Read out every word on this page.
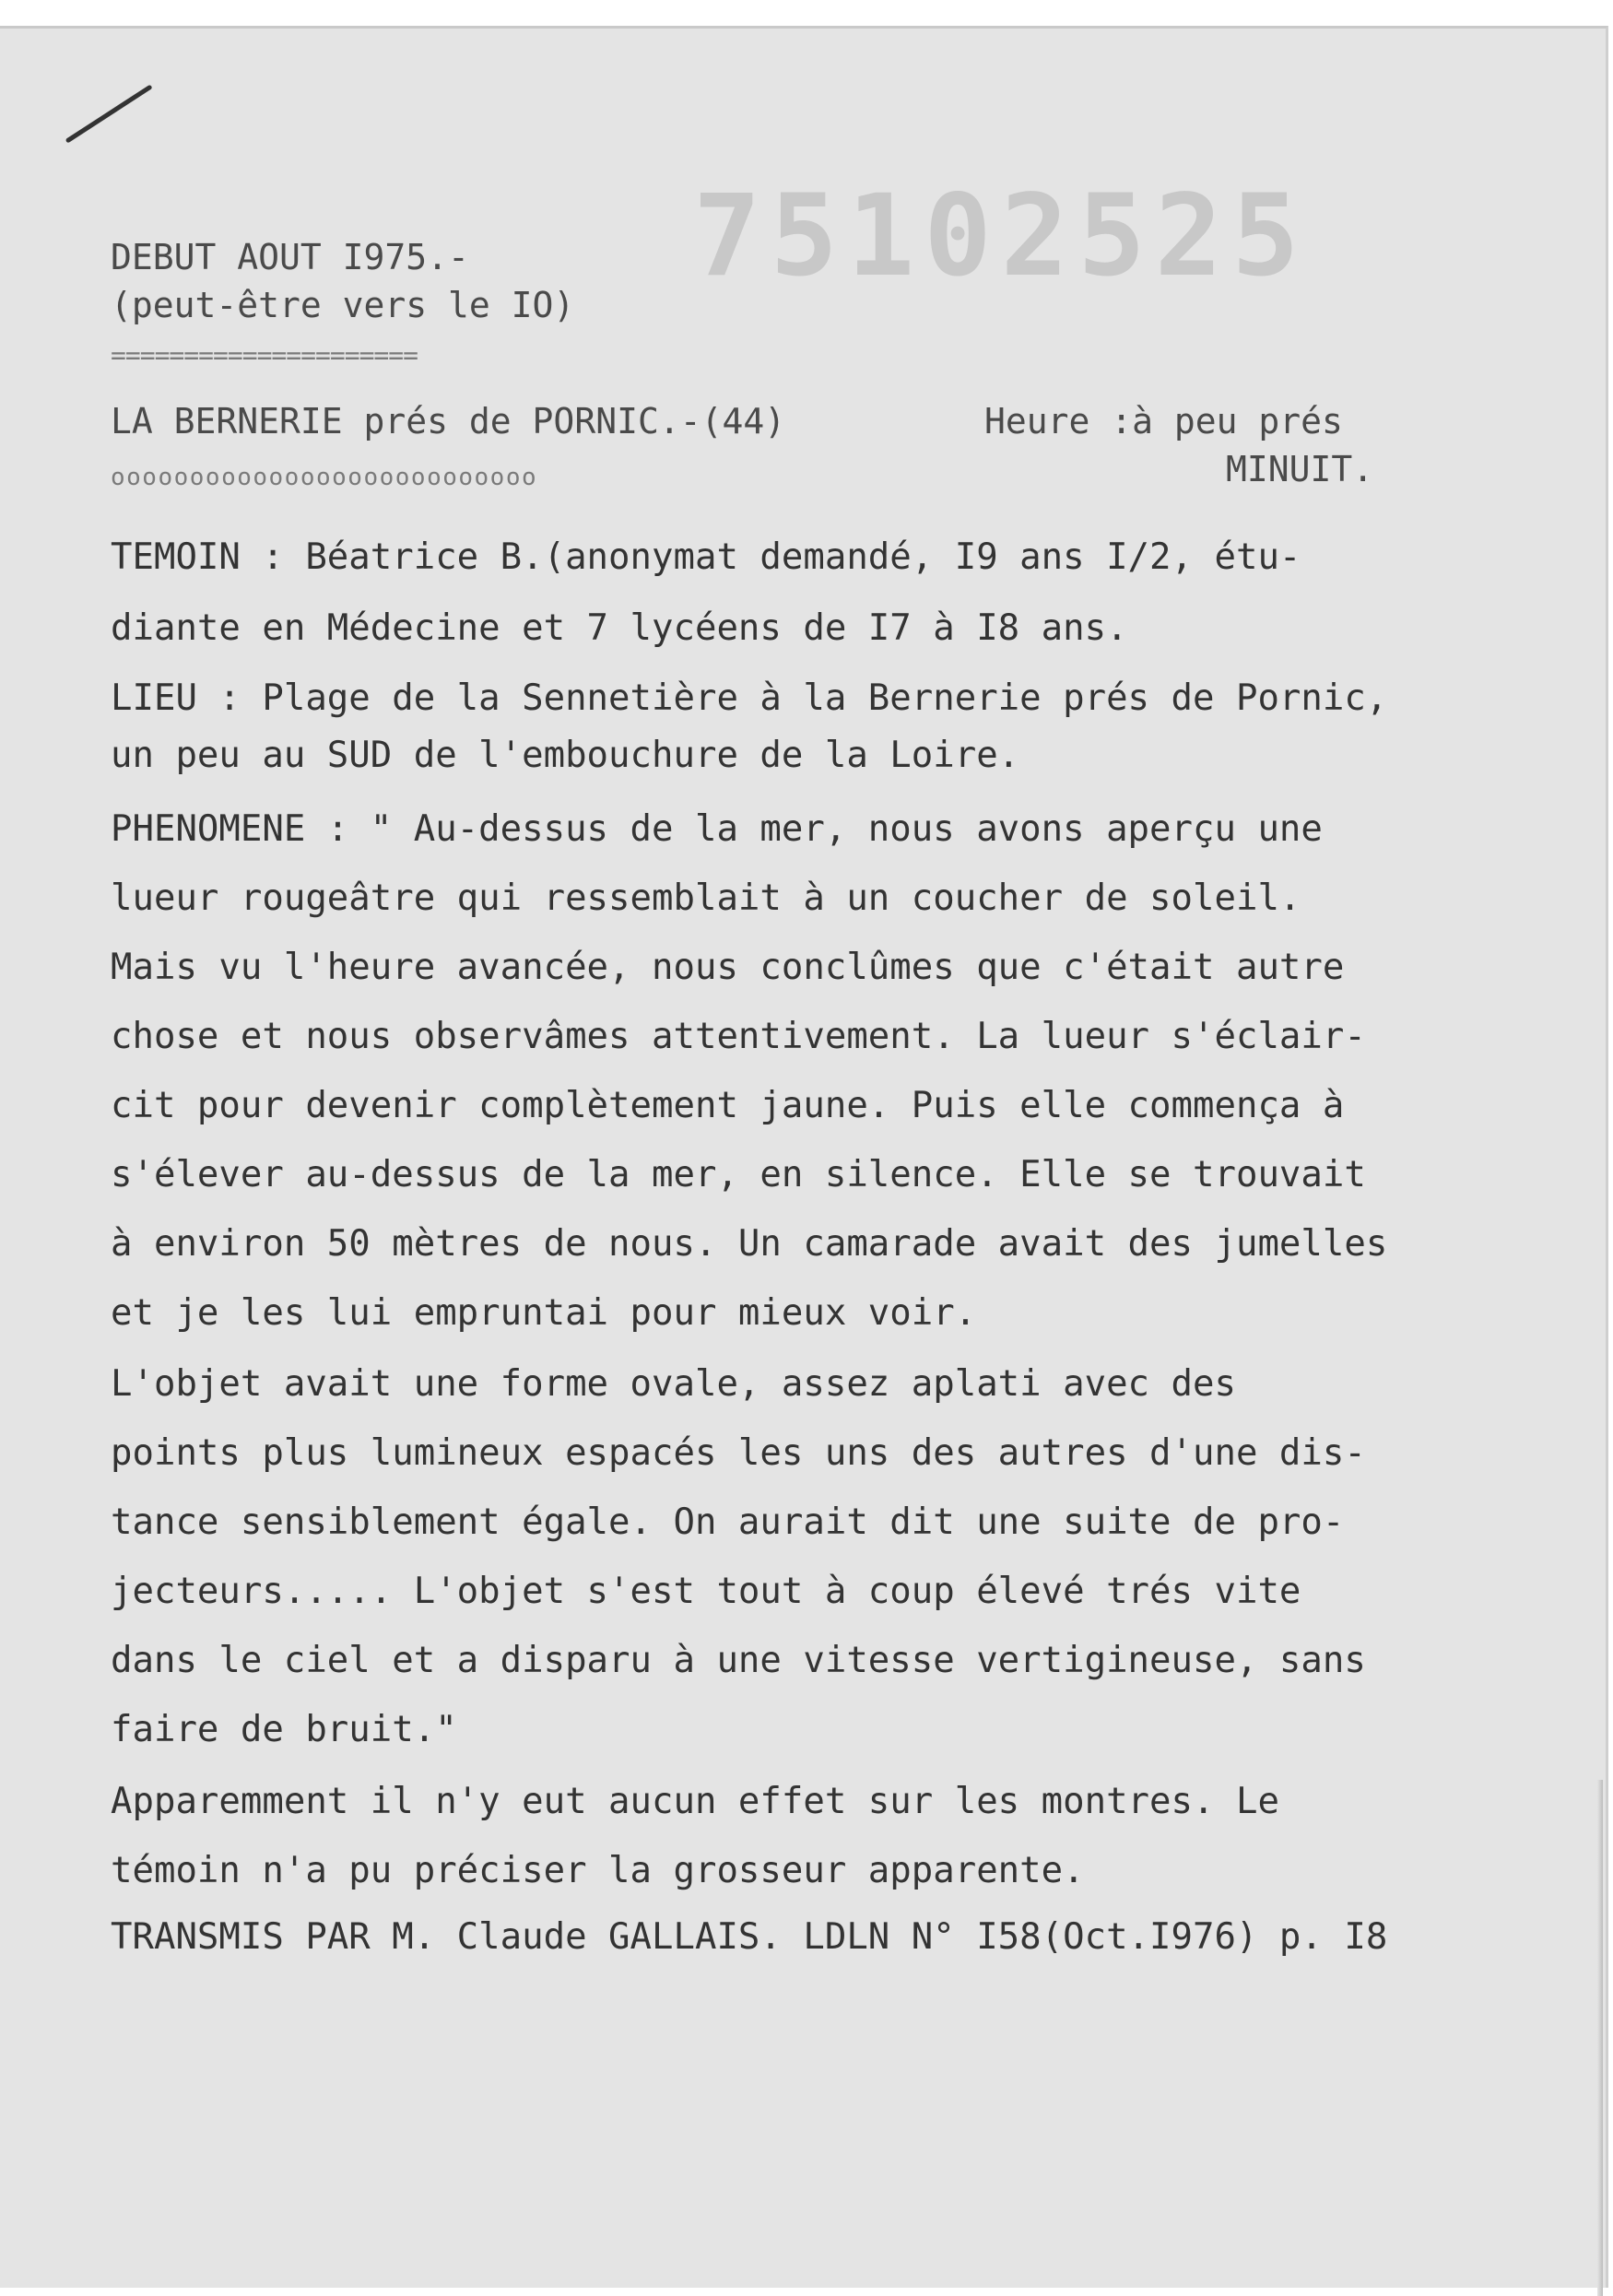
75102525
DEBUT AOUT I975.-
(peut-être vers le IO)
=====================
LA BERNERIE prés de PORNIC.-(44)	Heure :à peu prés
MINUIT.
ooooooooooooooooooooooooooo
TEMOIN : Béatrice B.(anonymat demandé, I9 ans I/2, étu-
diante en Médecine et 7 lycéens de I7 à I8 ans.
LIEU : Plage de la Sennetière à la Bernerie prés de Pornic,
un peu au SUD de l'embouchure de la Loire.
PHENOMENE : " Au-dessus de la mer, nous avons aperçu une
lueur rougeâtre qui ressemblait à un coucher de soleil.
Mais vu l'heure avancée, nous conclûmes que c'était autre
chose et nous observâmes attentivement. La lueur s'éclair-
cit pour devenir complètement jaune. Puis elle commença à
s'élever au-dessus de la mer, en silence. Elle se trouvait
à environ 50 mètres de nous. Un camarade avait des jumelles
et je les lui empruntai pour mieux voir.
L'objet avait une forme ovale, assez aplati avec des
points plus lumineux espacés les uns des autres d'une dis-
tance sensiblement égale. On aurait dit une suite de pro-
jecteurs..... L'objet s'est tout à coup élevé trés vite
dans le ciel et a disparu à une vitesse vertigineuse, sans
faire de bruit."
Apparemment il n'y eut aucun effet sur les montres. Le
témoin n'a pu préciser la grosseur apparente.
TRANSMIS PAR M. Claude GALLAIS. LDLN N° I58(Oct.I976) p. I8
